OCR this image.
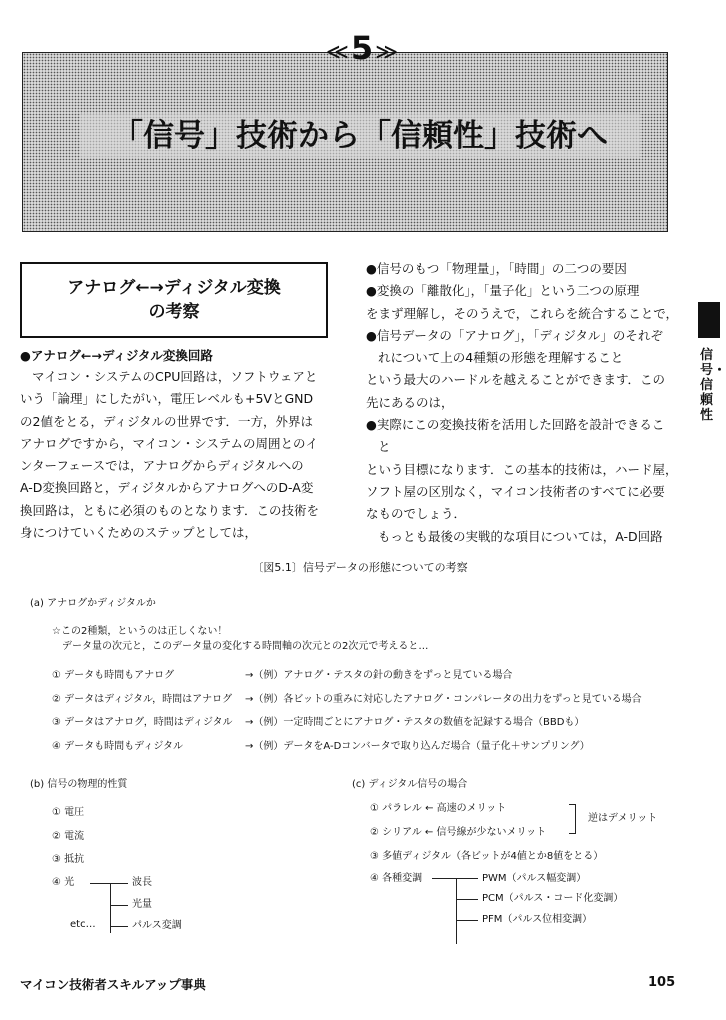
≪ 5 ≫
「信号」技術から「信頼性」技術へ
アナログ←→ディジタル変換
の考察
●アナログ←→ディジタル変換回路
マイコン・システムのCPU回路は，ソフトウェアと
いう「論理」にしたがい，電圧レベルも+5VとGND
の2値をとる，ディジタルの世界です．一方，外界は
アナログですから，マイコン・システムの周囲とのイ
ンターフェースでは，アナログからディジタルへの
A-D変換回路と，ディジタルからアナログへのD-A変
換回路は，ともに必須のものとなります．この技術を
身につけていくためのステップとしては，
●信号のもつ「物理量」，「時間」の二つの要因
●変換の「離散化」，「量子化」という二つの原理
をまず理解し，そのうえで，これらを統合することで，
●信号データの「アナログ」，「ディジタル」のそれぞ
れについて上の4種類の形態を理解すること
という最大のハードルを越えることができます．この
先にあるのは，
●実際にこの変換技術を活用した回路を設計できるこ
と
という目標になります．この基本的技術は，ハード屋，
ソフト屋の区別なく，マイコン技術者のすべてに必要
なものでしょう．
もっとも最後の実戦的な項目については，A-D回路
信号・信頼性
〔図5.1〕信号データの形態についての考察
(a) アナログかディジタルか
☆この2種類，というのは正しくない！
データ量の次元と，このデータ量の変化する時間軸の次元との2次元で考えると…
① データも時間もアナログ	→（例）アナログ・テスタの針の動きをずっと見ている場合
② データはディジタル，時間はアナログ →（例）各ビットの重みに対応したアナログ・コンパレータの出力をずっと見ている場合
③ データはアナログ，時間はディジタル →（例）一定時間ごとにアナログ・テスタの数値を記録する場合（BBDも）
④ データも時間もディジタル	→（例）データをA-Dコンバータで取り込んだ場合（量子化＋サンプリング）
(b) 信号の物理的性質
① 電圧
② 電流
③ 抵抗
④ 光
etc…
波長
光量
パルス変調
(c) ディジタル信号の場合
① パラレル ← 高速のメリット
② シリアル ← 信号線が少ないメリット
③ 多値ディジタル（各ビットが4値とか8値をとる）
④ 各種変調
逆はデメリット
PWM（パルス幅変調）
PCM（パルス・コード化変調）
PFM（パルス位相変調）
マイコン技術者スキルアップ事典	105
